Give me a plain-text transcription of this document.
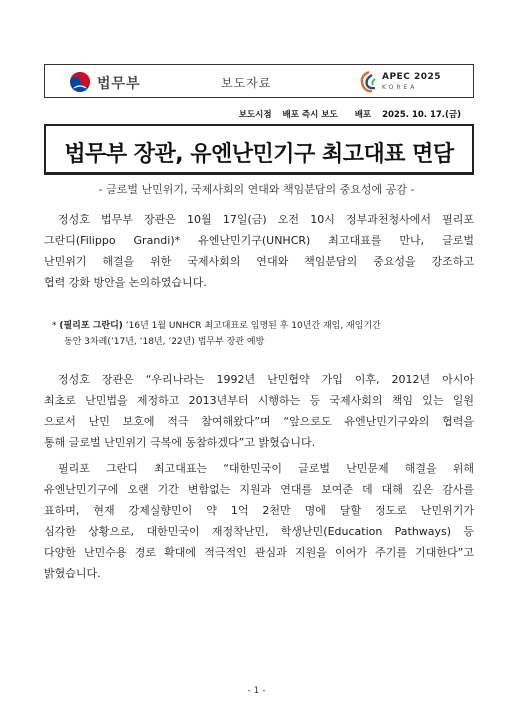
법무부	보도자료	APEC 2025
KOREA
보도시점 배포 즉시 보도 배포 2025. 10. 17.(금)
법무부 장관, 유엔난민기구 최고대표 면담
- 글로벌 난민위기, 국제사회의 연대와 책임분담의 중요성에 공감 -
정성호 법무부 장관은 10월 17일(금) 오전 10시 정부과천청사에서 필리포
그란디(Filippo Grandi)* 유엔난민기구(UNHCR) 최고대표를 만나, 글로벌
난민위기 해결을 위한 국제사회의 연대와 책임분담의 중요성을 강조하고
협력 강화 방안을 논의하였습니다.
* (필리포 그란디) ’16년 1월 UNHCR 최고대표로 임명된 후 10년간 재임, 재임기간
동안 3차례(’17년, ’18년, ’22년) 법무부 장관 예방
정성호 장관은 “우리나라는 1992년 난민협약 가입 이후, 2012년 아시아
최초로 난민법을 제정하고 2013년부터 시행하는 등 국제사회의 책임 있는 일원
으로서 난민 보호에 적극 참여해왔다”며 “앞으로도 유엔난민기구와의 협력을
통해 글로벌 난민위기 극복에 동참하겠다”고 밝혔습니다.
필리포 그란디 최고대표는 “대한민국이 글로벌 난민문제 해결을 위해
유엔난민기구에 오랜 기간 변함없는 지원과 연대를 보여준 데 대해 깊은 감사를
표하며, 현재 강제실향민이 약 1억 2천만 명에 달할 정도로 난민위기가
심각한 상황으로, 대한민국이 재정착난민, 학생난민(Education Pathways) 등
다양한 난민수용 경로 확대에 적극적인 관심과 지원을 이어가 주기를 기대한다”고
밝혔습니다.
- 1 -
